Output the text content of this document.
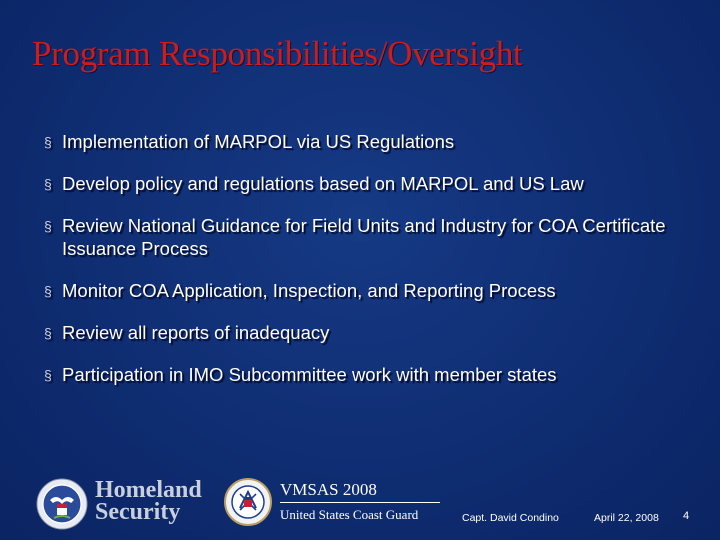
Program Responsibilities/Oversight
§ Implementation of MARPOL via US Regulations
§ Develop policy and regulations based on MARPOL and US Law
§ Review National Guidance for Field Units and Industry for COA Certificate Issuance Process
§ Monitor COA Application, Inspection, and Reporting Process
§ Review all reports of inadequacy
§ Participation in IMO Subcommittee work with member states
Homeland
Security
VMSAS 2008
United States Coast Guard	Capt. David Condino	April 22, 2008 4
